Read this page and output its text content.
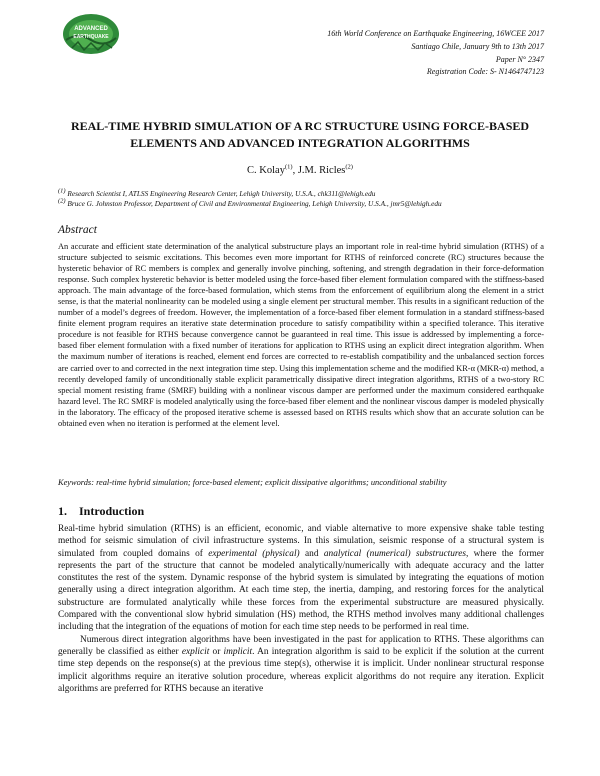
ADVANCED
EARTHQUAKE	16th World Conference on Earthquake Engineering, 16WCEE 2017
Santiago Chile, January 9th to 13th 2017
Paper N° 2347
Registration Code: S- N1464747123
REAL-TIME HYBRID SIMULATION OF A RC STRUCTURE USING FORCE-BASED ELEMENTS AND ADVANCED INTEGRATION ALGORITHMS
C. Kolay$^{(1)}$, J.M. Ricles$^{(2)}$
$^{(1)}$ Research Scientist I, ATLSS Engineering Research Center, Lehigh University, U.S.A., chk311@lehigh.edu
$^{(2)}$ Bruce G. Johnston Professor, Department of Civil and Environmental Engineering, Lehigh University, U.S.A., jmr5@lehigh.edu
Abstract
An accurate and efficient state determination of the analytical substructure plays an important role in real-time hybrid simulation (RTHS) of a structure subjected to seismic excitations. This becomes even more important for RTHS of reinforced concrete (RC) structures because the hysteretic behavior of RC members is complex and generally involve pinching, softening, and strength degradation in their force-deformation response. Such complex hysteretic behavior is better modeled using the force-based fiber element formulation compared with the stiffness-based approach. The main advantage of the force-based formulation, which stems from the enforcement of equilibrium along the element in a strict sense, is that the material nonlinearity can be modeled using a single element per structural member. This results in a significant reduction of the number of a model’s degrees of freedom. However, the implementation of a force-based fiber element formulation in a standard stiffness-based finite element program requires an iterative state determination procedure to satisfy compatibility within a specified tolerance. This iterative procedure is not feasible for RTHS because convergence cannot be guaranteed in real time. This issue is addressed by implementing a force-based fiber element formulation with a fixed number of iterations for application to RTHS using an explicit direct integration algorithm. When the maximum number of iterations is reached, element end forces are corrected to re-establish compatibility and the unbalanced section forces are carried over to and corrected in the next integration time step. Using this implementation scheme and the modified KR-α (MKR-α) method, a recently developed family of unconditionally stable explicit parametrically dissipative direct integration algorithms, RTHS of a two-story RC special moment resisting frame (SMRF) building with a nonlinear viscous damper are performed under the maximum considered earthquake hazard level. The RC SMRF is modeled analytically using the force-based fiber element and the nonlinear viscous damper is modeled physically in the laboratory. The efficacy of the proposed iterative scheme is assessed based on RTHS results which show that an accurate solution can be obtained even when no iteration is performed at the element level.
Keywords: real-time hybrid simulation; force-based element; explicit dissipative algorithms; unconditional stability
1. Introduction

Real-time hybrid simulation (RTHS) is an efficient, economic, and viable alternative to more expensive shake table testing method for seismic simulation of civil infrastructure systems. In this simulation, seismic response of a structural system is simulated from coupled domains of experimental (physical) and analytical (numerical) substructures, where the former represents the part of the structure that cannot be modeled analytically/numerically with adequate accuracy and the latter constitutes the rest of the system. Dynamic response of the hybrid system is simulated by integrating the equations of motion generally using a direct integration algorithm. At each time step, the inertia, damping, and restoring forces for the analytical substructure are formulated analytically while these forces from the experimental substructure are measured physically. Compared with the conventional slow hybrid simulation (HS) method, the RTHS method involves many additional challenges including that the integration of the equations of motion for each time step needs to be performed in real time.

Numerous direct integration algorithms have been investigated in the past for application to RTHS. These algorithms can generally be classified as either explicit or implicit. An integration algorithm is said to be explicit if the solution at the current time step depends on the response(s) at the previous time step(s), otherwise it is implicit. Under nonlinear structural response implicit algorithms require an iterative solution procedure, whereas explicit algorithms do not require any iteration. Explicit algorithms are preferred for RTHS because an iterative
